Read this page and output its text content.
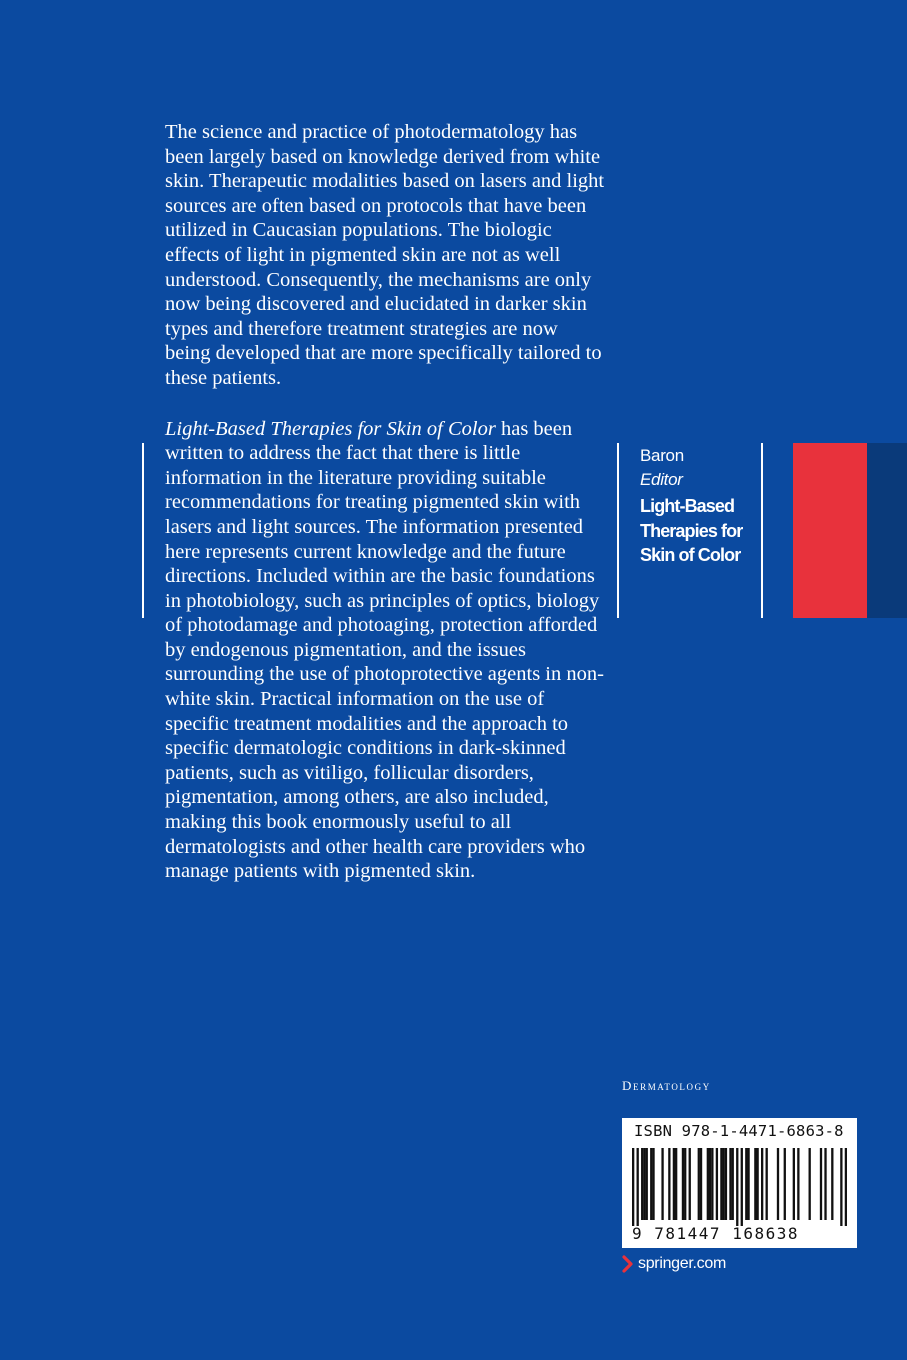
The science and practice of photodermatology has been largely based on knowledge derived from white skin. Therapeutic modalities based on lasers and light sources are often based on protocols that have been utilized in Caucasian populations. The biologic effects of light in pigmented skin are not as well understood. Consequently, the mechanisms are only now being discovered and elucidated in darker skin types and therefore treatment strategies are now being developed that are more specifically tailored to these patients.

Light-Based Therapies for Skin of Color has been written to address the fact that there is little information in the literature providing suitable recommendations for treating pigmented skin with lasers and light sources. The information presented here represents current knowledge and the future directions. Included within are the basic foundations in photobiology, such as principles of optics, biology of photodamage and photoaging, protection afforded by endogenous pigmentation, and the issues surrounding the use of photoprotective agents in non-white skin. Practical information on the use of specific treatment modalities and the approach to specific dermatologic conditions in dark-skinned patients, such as vitiligo, follicular disorders, pigmentation, among others, are also included, making this book enormously useful to all dermatologists and other health care providers who manage patients with pigmented skin.

Baron
Editor
Light-Based Therapies for Skin of Color
Dermatology
ISBN 978-1-4471-6863-8
9 781447 168638
springer.com
